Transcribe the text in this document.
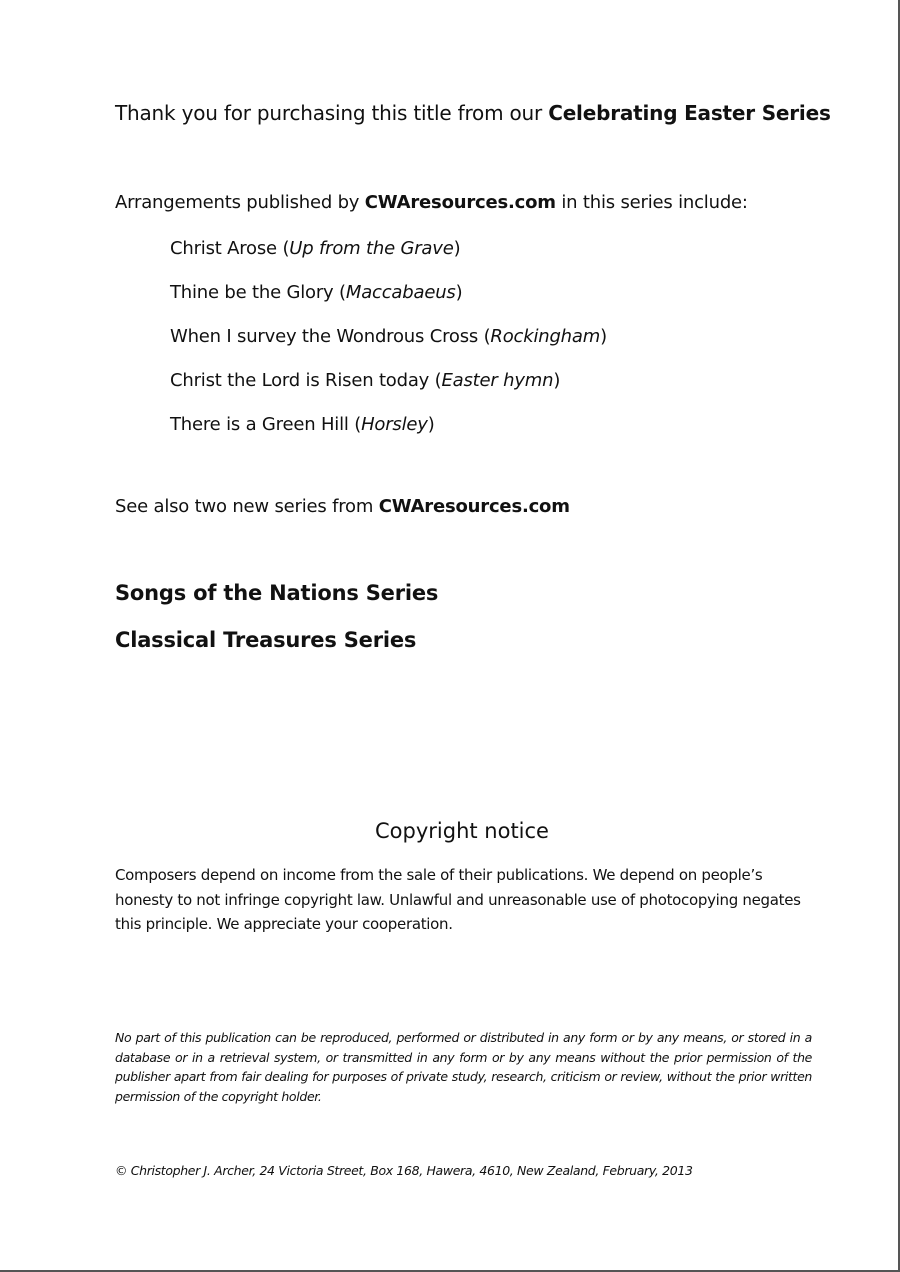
Thank you for purchasing this title from our Celebrating Easter Series
Arrangements published by CWAresources.com in this series include:
Christ Arose (Up from the Grave)
Thine be the Glory (Maccabaeus)
When I survey the Wondrous Cross (Rockingham)
Christ the Lord is Risen today (Easter hymn)
There is a Green Hill (Horsley)
See also two new series from CWAresources.com
Songs of the Nations Series
Classical Treasures Series
Copyright notice
Composers depend on income from the sale of their publications. We depend on people’s honesty to not infringe copyright law. Unlawful and unreasonable use of photocopying negates this principle. We appreciate your cooperation.
No part of this publication can be reproduced, performed or distributed in any form or by any means, or stored in a database or in a retrieval system, or transmitted in any form or by any means without the prior permission of the publisher apart from fair dealing for purposes of private study, research, criticism or review, without the prior written permission of the copyright holder.
© Christopher J. Archer, 24 Victoria Street, Box 168, Hawera, 4610, New Zealand, February, 2013
